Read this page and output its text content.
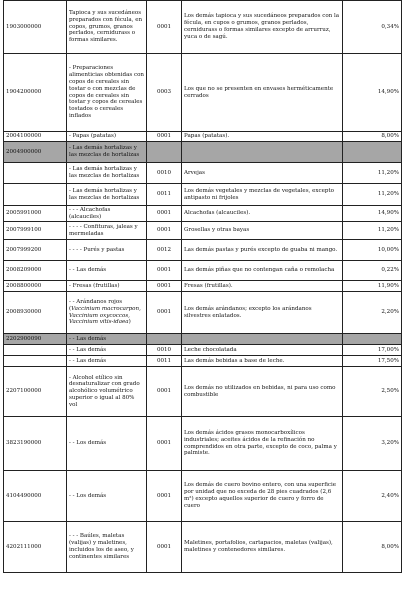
1903000000	Tapioca y sus sucedáneos preparados con fécula, en copos, grumos, granos perlados, cernidurass o formas similares.	0001	Los demás tapioca y sus sucedáneos preparados con la fécula, en cupos o grumos, granos perlados, cernidurass o formas similares excepto de arrurruz, yuca o de sagú.	0,34%
1904200000	- Preparaciones alimenticias obtenidas con copos de cereales sin tostar o con mezclas de copos de cereales sin tostar y copos de cereales tostados o cereales inflados	0003	Los que no se presenten en envases herméticamente cerrados	14,90%
2004100000	- Papas (patatas)	0001	Papas (patatas).	8,00%
2004900000	- Las demás hortalizas y las mezclas de hortalizas			
	- Las demás hortalizas y las mezclas de hortalizas	0010	Arvejas	11,20%
	- Las demás hortalizas y las mezclas de hortalizas	0011	Los demás vegetales y mezclas de vegetales, excepto antipasto ni frijoles	11,20%
2005991000	- - - Alcachofas (alcauciles)	0001	Alcachofas (alcauciles).	14,90%
2007999100	- - - - Confituras, jaleas y mermeladas	0001	Grosellas y otras bayas	11,20%
2007999200	- - - - Purés y pastas	0012	Las demás pastas y purés excepto de guaba ni mango.	10,00%
2008209000	- - Las demás	0001	Las demás piñas que no contengan caña o remolacha	0,22%
2008800000	- Fresas (frutillas)	0001	Fresas (frutillas).	11,90%
2008930000	- - Arándanos rojos (Vaccinium macrocarpon, Vaccinium oxycoccos, Vaccinium vitis-idaea)	0001	Los demás arándanos; excepto los arándanos silvestres enlatados.	2,20%
2202900090	- - Las demás			
	- - Las demás	0010	Leche chocolatada	17,00%
	- - Las demás	0011	Las demás bebidas a base de leche.	17,50%
2207100000	- Alcohol etílico sin desnaturalizar con grado alcohólico volumétrico superior o igual al 80% vol	0001	Los demás no utilizados en bebidas, ni para uso como combustible	2,50%
3823190000	- - Los demás	0001	Los demás ácidos grasos monocarboxílicos industriales; aceites ácidos de la refinación no comprendidos en otra parte, excepto de coco, palma y palmiste.	3,20%
4104490000	- - Los demás	0001	Los demás de cuero bovino entero, con una superficie por unidad que no exceda de 28 pies cuadrados (2,6 m²) excepto aquellos superior de cuero y forro de cuero	2,40%
4202111000	- - - Baúles, maletas (valijas) y maletines, incluidos los de aseo, y continentes similares	0001	Maletines, portafolios, cartapacios, maletas (valijas), maletines y contenedores similares.	8,00%
